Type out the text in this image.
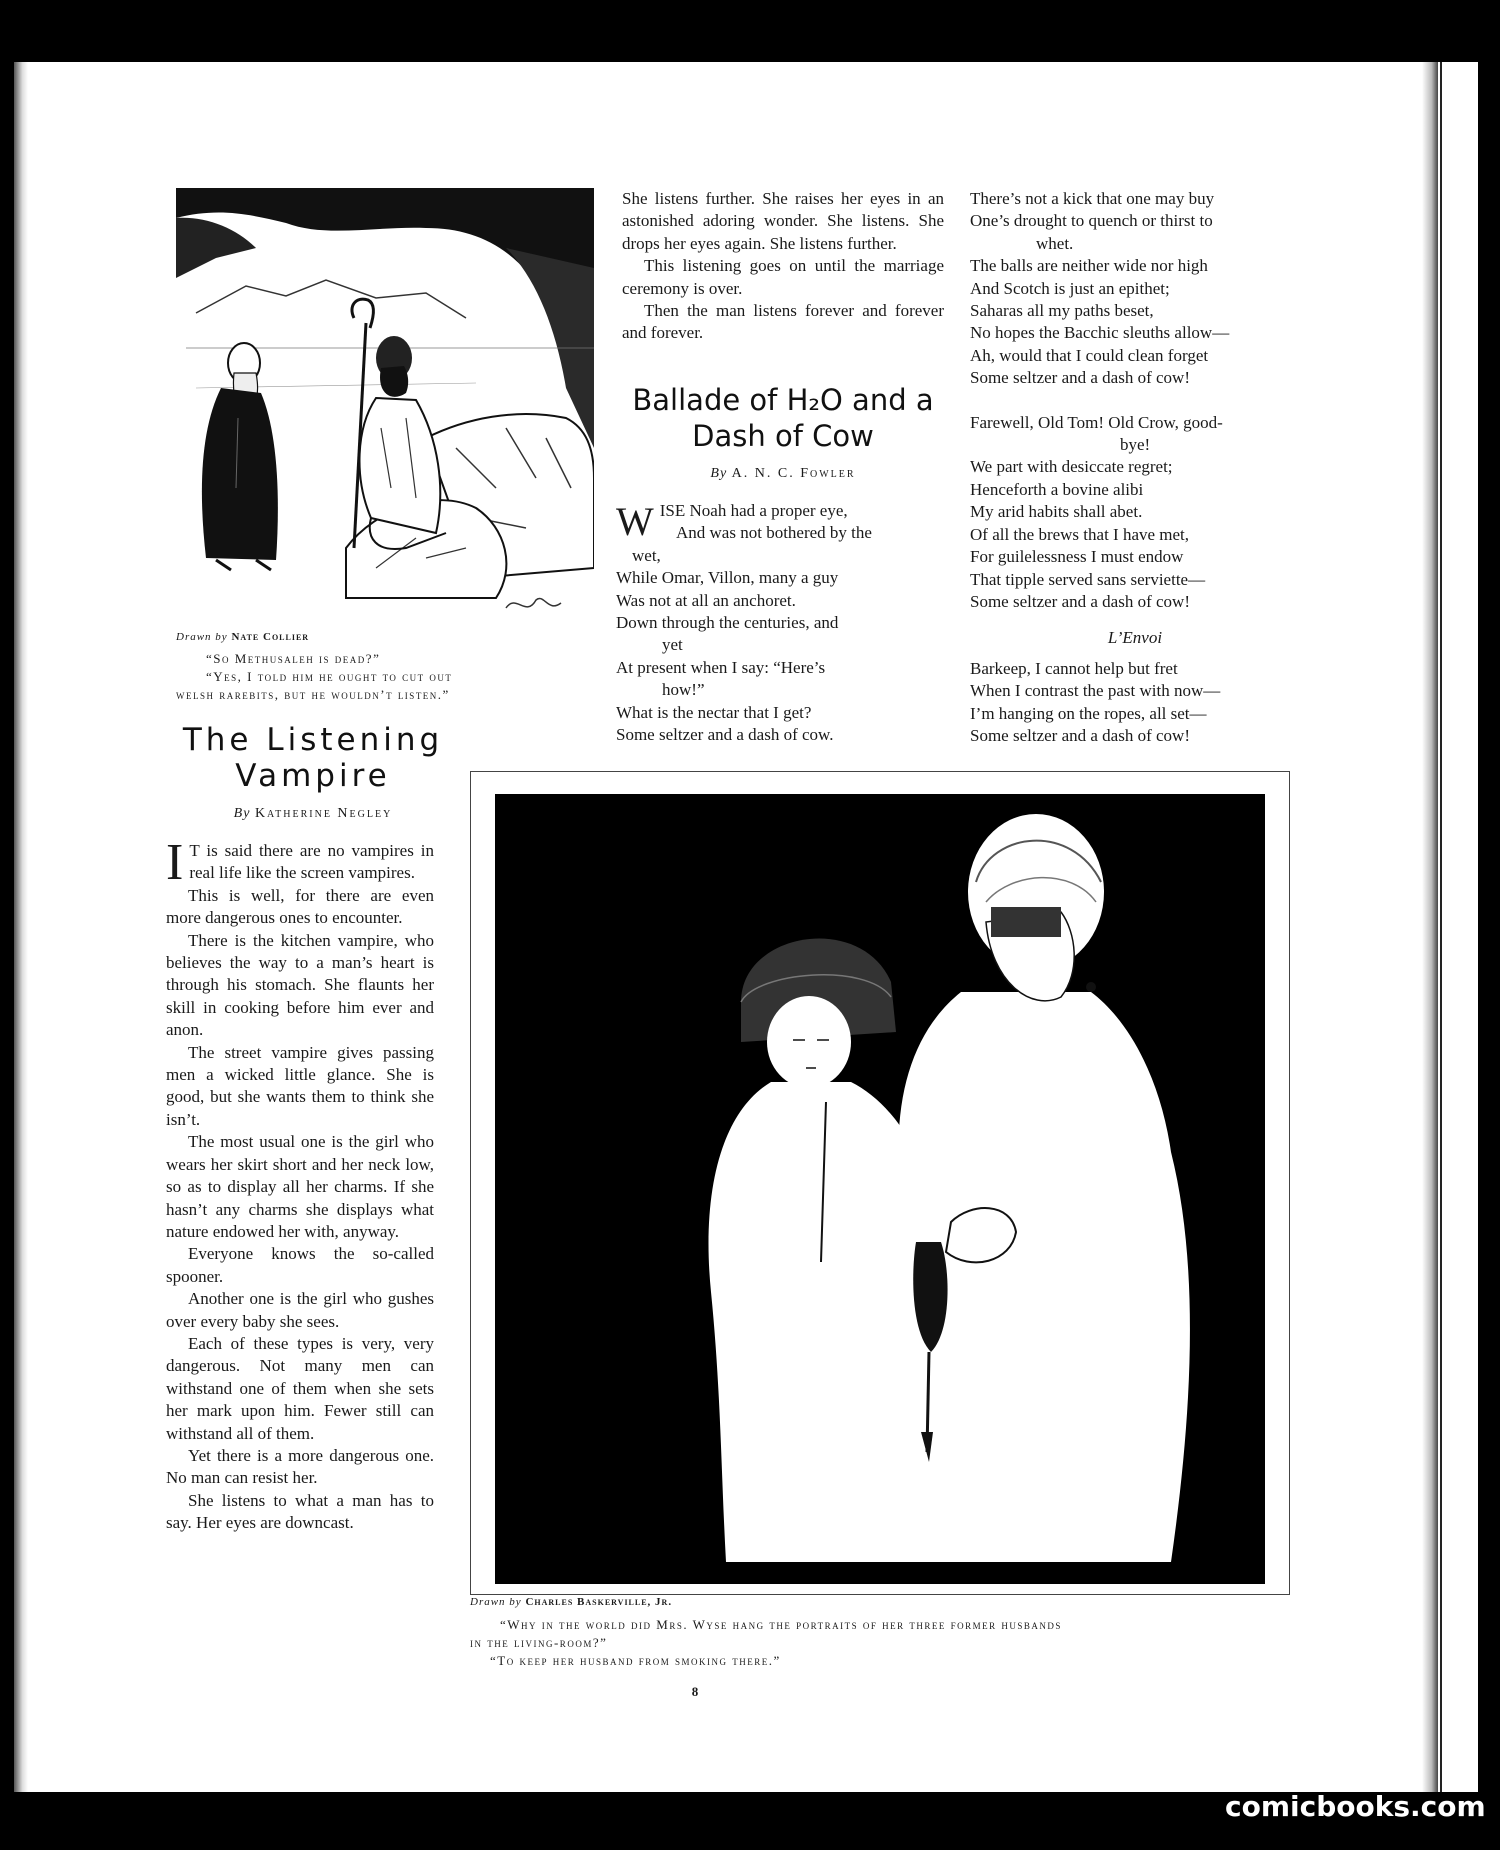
Drawn by Nate Collier
“So Methusaleh is dead?”
“Yes, I told him he ought to cut out
welsh rarebits, but he wouldn’t listen.”
The Listening
Vampire
By Katherine Negley

I T is said there are no vampires in real life like the screen vampires.

This is well, for there are even more dangerous ones to encounter.

There is the kitchen vampire, who believes the way to a man’s heart is through his stomach. She flaunts her skill in cooking before him ever and anon.

The street vampire gives passing men a wicked little glance. She is good, but she wants them to think she isn’t.

The most usual one is the girl who wears her skirt short and her neck low, so as to display all her charms. If she hasn’t any charms she displays what nature endowed her with, anyway.

Everyone knows the so-called spooner.

Another one is the girl who gushes over every baby she sees.

Each of these types is very, very dangerous. Not many men can withstand one of them when she sets her mark upon him. Fewer still can withstand all of them.

Yet there is a more dangerous one. No man can resist her.

She listens to what a man has to say. Her eyes are downcast.

She listens further. She raises her eyes in an astonished adoring wonder. She listens. She drops her eyes again. She listens further.

This listening goes on until the marriage ceremony is over.

Then the man listens forever and forever and forever.

Ballade of H₂O and a
Dash of Cow
By A. N. C. Fowler
WISE Noah had a proper eye,
And was not bothered by the
wet,
While Omar, Villon, many a guy
Was not at all an anchoret.
Down through the centuries, and
yet
At present when I say: “Here’s
how!”
What is the nectar that I get?
Some seltzer and a dash of cow.
There’s not a kick that one may buy
One’s drought to quench or thirst to
whet.
The balls are neither wide nor high
And Scotch is just an epithet;
Saharas all my paths beset,
No hopes the Bacchic sleuths allow—
Ah, would that I could clean forget
Some seltzer and a dash of cow!
Farewell, Old Tom! Old Crow, good-
bye!
We part with desiccate regret;
Henceforth a bovine alibi
My arid habits shall abet.
Of all the brews that I have met,
For guilelessness I must endow
That tipple served sans serviette—
Some seltzer and a dash of cow!
L’Envoi
Barkeep, I cannot help but fret
When I contrast the past with now—
I’m hanging on the ropes, all set—
Some seltzer and a dash of cow!
Drawn by Charles Baskerville, Jr.
“Why in the world did Mrs. Wyse hang the portraits of her three former husbands
in the living-room?”
“To keep her husband from smoking there.”
8
comicbooks.com
